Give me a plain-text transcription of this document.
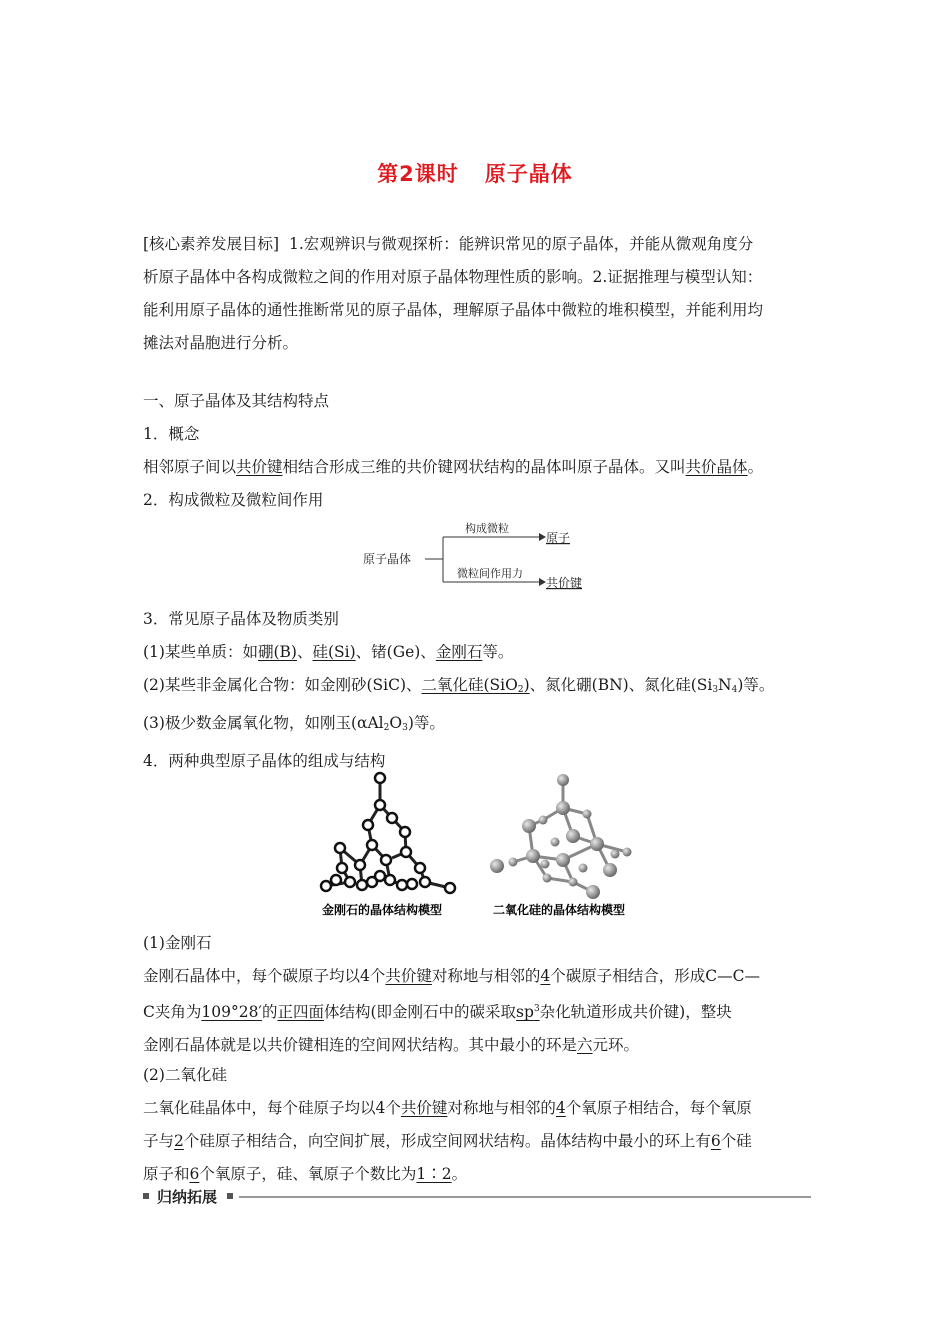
第2课时 原子晶体

[核心素养发展目标] 1.宏观辨识与微观探析：能辨识常见的原子晶体，并能从微观角度分

析原子晶体中各构成微粒之间的作用对原子晶体物理性质的影响。2.证据推理与模型认知：

能利用原子晶体的通性推断常见的原子晶体，理解原子晶体中微粒的堆积模型，并能利用均

摊法对晶胞进行分析。

一、原子晶体及其结构特点

1．概念

相邻原子间以共价键相结合形成三维的共价键网状结构的晶体叫原子晶体。又叫共价晶体。

2．构成微粒及微粒间作用

原子晶体
构成微粒
微粒间作用力
原子
共价键

3．常见原子晶体及物质类别

(1)某些单质：如硼(B)、硅(Si)、锗(Ge)、金刚石等。

(2)某些非金属化合物：如金刚砂(SiC)、二氧化硅(SiO$_2$)、氮化硼(BN)、氮化硅$(Si_3N_4)$等。

(3)极少数金属氧化物，如刚玉$(\alpha Al_2O_3)$等。

4．两种典型原子晶体的组成与结构

金刚石的晶体结构模型	二氧化硅的晶体结构模型

(1)金刚石

金刚石晶体中，每个碳原子均以4个共价键对称地与相邻的4个碳原子相结合，形成C—C—

C夹角为109°28′的正四面体结构(即金刚石中的碳采取$sp^3$杂化轨道形成共价键)，整块

金刚石晶体就是以共价键相连的空间网状结构。其中最小的环是六元环。

(2)二氧化硅

二氧化硅晶体中，每个硅原子均以4个共价键对称地与相邻的4个氧原子相结合，每个氧原

子与2个硅原子相结合，向空间扩展，形成空间网状结构。晶体结构中最小的环上有6个硅

原子和6个氧原子，硅、氧原子个数比为1∶2。

归纳拓展
